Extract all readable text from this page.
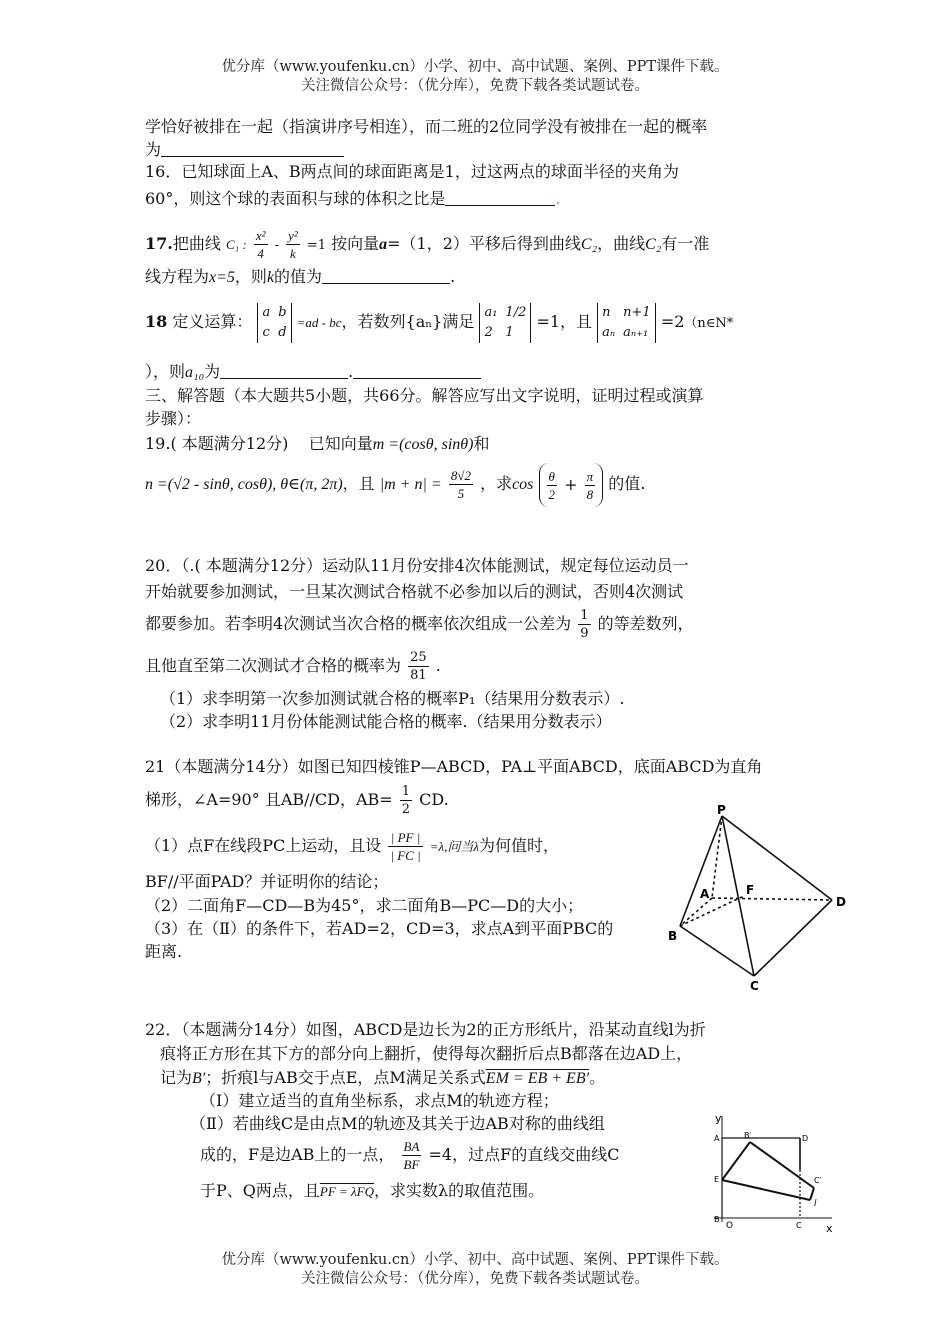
优分库（www.youfenku.cn）小学、初中、高中试题、案例、PPT课件下载。
关注微信公众号：（优分库），免费下载各类试题试卷。
学恰好被排在一起（指演讲序号相连），而二班的2位同学没有被排在一起的概率
为
16．已知球面上A、B两点间的球面距离是1，过这两点的球面半径的夹角为
60°，则这个球的表面积与球的体积之比是	.
17.把曲线 C₁ : $\frac{\text{x²}}{4} - \frac{\text{y²}}{k} =1$ 按向量a=（1，2）平移后得到曲线C₂，曲线C₂有一准
线方程为x=5，则k的值为	.
18 定义运算： a	b
c	d =ad - bc，若数列{aₙ}满足 a₁	1/2
2	1 =1，且 n	n+1
aₙ	aₙ₊₁ =2（n∈N*
），则a₁₀为	.
三、解答题（本大题共5小题，共66分。解答应写出文字说明，证明过程或演算
步骤）：
19.( 本题满分12分) 已知向量m =(cosθ, sinθ)和
n =(√2 - sinθ, cosθ), θ∈(π, 2π)，且 $|m + n| = \frac{8√2}{5}$ ，求$\cos \frac{\theta}{2} + \frac{\pi}{8}$ 的值.
20．（.( 本题满分12分）运动队11月份安排4次体能测试，规定每位运动员一
开始就要参加测试，一旦某次测试合格就不必参加以后的测试，否则4次测试
都要参加。若李明4次测试当次合格的概率依次组成一公差为 $\frac{1}{9}$ 的等差数列，
且他直至第二次测试才合格的概率为 $\frac{25}{81}$ .
（1）求李明第一次参加测试就合格的概率P₁（结果用分数表示）.
（2）求李明11月份体能测试能合格的概率.（结果用分数表示）
21（本题满分14分）如图已知四棱锥P—ABCD，PA⊥平面ABCD，底面ABCD为直角
梯形，∠A=90° 且AB//CD，$AB= \frac{1}{2}$ CD.
（1）点F在线段PC上运动，且设 $\frac{| PF |}{| FC |} =\lambda$,问当λ为何值时，
BF//平面PAD？并证明你的结论；
（2）二面角F—CD—B为45°，求二面角B—PC—D的大小；
（3）在（Ⅱ）的条件下，若AD=2，CD=3，求点A到平面PBC的
距离.
P
A	F
D
B
C
22．（本题满分14分）如图，ABCD是边长为2的正方形纸片，沿某动直线l为折
痕将正方形在其下方的部分向上翻折，使得每次翻折后点B都落在边AD上，
记为B′；折痕l与AB交于点E，点M满足关系式EM = EB + EB′。
（Ⅰ）建立适当的直角坐标系，求点M的轨迹方程；
（Ⅱ）若曲线C是由点M的轨迹及其关于边AB对称的曲线组
成的，F是边AB上的一点， $\frac{BA}{BF} =4$，过点F的直线交曲线C
于P、Q两点，且PF = λFQ，求实数λ的取值范围。
y
x
A	B′	D
E	C′
l
B
O	C
优分库（www.youfenku.cn）小学、初中、高中试题、案例、PPT课件下载。
关注微信公众号：（优分库），免费下载各类试题试卷。
